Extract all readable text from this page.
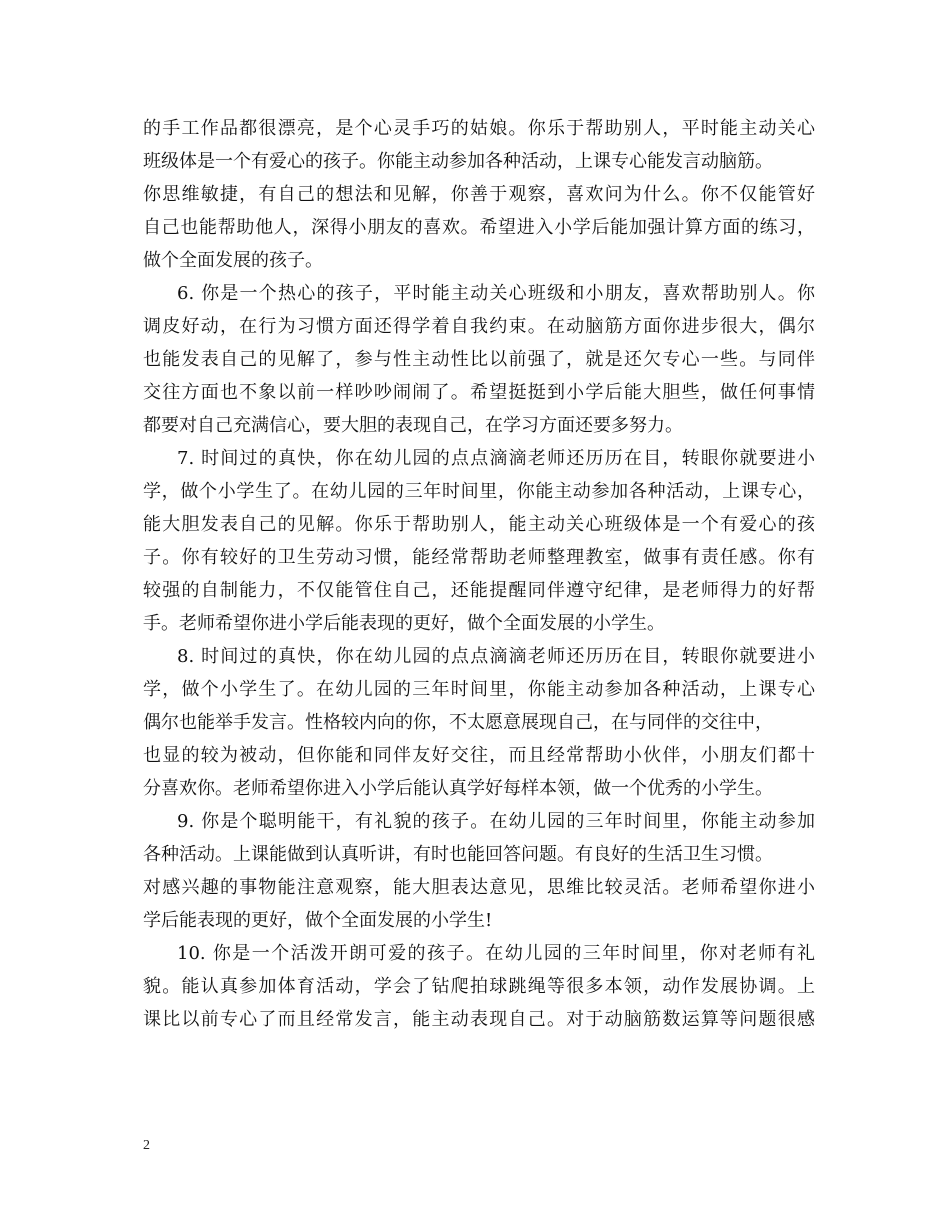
的手工作品都很漂亮，是个心灵手巧的姑娘。你乐于帮助别人，平时能主动关心
班级体是一个有爱心的孩子。你能主动参加各种活动，上课专心能发言动脑筋。
你思维敏捷，有自己的想法和见解，你善于观察，喜欢问为什么。你不仅能管好
自己也能帮助他人，深得小朋友的喜欢。希望进入小学后能加强计算方面的练习，
做个全面发展的孩子。
6. 你是一个热心的孩子，平时能主动关心班级和小朋友，喜欢帮助别人。你
调皮好动，在行为习惯方面还得学着自我约束。在动脑筋方面你进步很大，偶尔
也能发表自己的见解了，参与性主动性比以前强了，就是还欠专心一些。与同伴
交往方面也不象以前一样吵吵闹闹了。希望挺挺到小学后能大胆些，做任何事情
都要对自己充满信心，要大胆的表现自己，在学习方面还要多努力。
7. 时间过的真快，你在幼儿园的点点滴滴老师还历历在目，转眼你就要进小
学，做个小学生了。在幼儿园的三年时间里，你能主动参加各种活动，上课专心，
能大胆发表自己的见解。你乐于帮助别人，能主动关心班级体是一个有爱心的孩
子。你有较好的卫生劳动习惯，能经常帮助老师整理教室，做事有责任感。你有
较强的自制能力，不仅能管住自己，还能提醒同伴遵守纪律，是老师得力的好帮
手。老师希望你进小学后能表现的更好，做个全面发展的小学生。
8. 时间过的真快，你在幼儿园的点点滴滴老师还历历在目，转眼你就要进小
学，做个小学生了。在幼儿园的三年时间里，你能主动参加各种活动，上课专心
偶尔也能举手发言。性格较内向的你，不太愿意展现自己，在与同伴的交往中，
也显的较为被动，但你能和同伴友好交往，而且经常帮助小伙伴，小朋友们都十
分喜欢你。老师希望你进入小学后能认真学好每样本领，做一个优秀的小学生。
9. 你是个聪明能干，有礼貌的孩子。在幼儿园的三年时间里，你能主动参加
各种活动。上课能做到认真听讲，有时也能回答问题。有良好的生活卫生习惯。
对感兴趣的事物能注意观察，能大胆表达意见，思维比较灵活。老师希望你进小
学后能表现的更好，做个全面发展的小学生!
10. 你是一个活泼开朗可爱的孩子。在幼儿园的三年时间里，你对老师有礼
貌。能认真参加体育活动，学会了钻爬拍球跳绳等很多本领，动作发展协调。上
课比以前专心了而且经常发言，能主动表现自己。对于动脑筋数运算等问题很感
2
